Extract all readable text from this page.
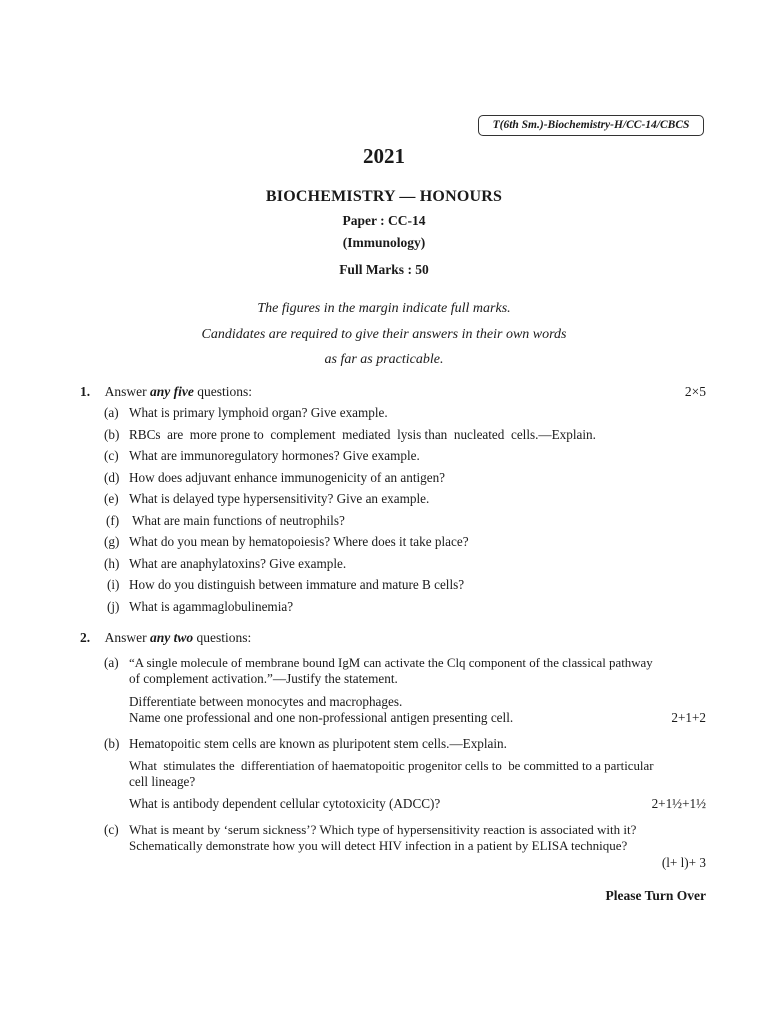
T(6th Sm.)-Biochemistry-H/CC-14/CBCS
2021
BIOCHEMISTRY — HONOURS
Paper : CC-14
(Immunology)
Full Marks : 50
The figures in the margin indicate full marks.
Candidates are required to give their answers in their own words
as far as practicable.
1. Answer any five questions:	2×5
(a) What is primary lymphoid organ? Give example.
(b) RBCs  are  more prone to  complement  mediated  lysis than  nucleated  cells.—Explain.
(c) What are immunoregulatory hormones? Give example.
(d) How does adjuvant enhance immunogenicity of an antigen?
(e) What is delayed type hypersensitivity? Give an example.
(f) What are main functions of neutrophils?
(g) What do you mean by hematopoiesis? Where does it take place?
(h) What are anaphylatoxins? Give example.
(i) How do you distinguish between immature and mature B cells?
(j) What is agammaglobulinemia?
2. Answer any two questions:
(a) “A single molecule of membrane bound IgM can activate the Clq component of the classical pathway
of complement activation.”—Justify the statement.
Differentiate between monocytes and macrophages.
Name one professional and one non-professional antigen presenting cell.	2+1+2
(b) Hematopoitic stem cells are known as pluripotent stem cells.—Explain.
What  stimulates the  differentiation of haematopoitic progenitor cells to  be committed to a particular
cell lineage?
What is antibody dependent cellular cytotoxicity (ADCC)?	2+1½+1½
(c) What is meant by ‘serum sickness’? Which type of hypersensitivity reaction is associated with it?
Schematically demonstrate how you will detect HIV infection in a patient by ELISA technique?
(l+ l)+ 3
Please Turn Over
